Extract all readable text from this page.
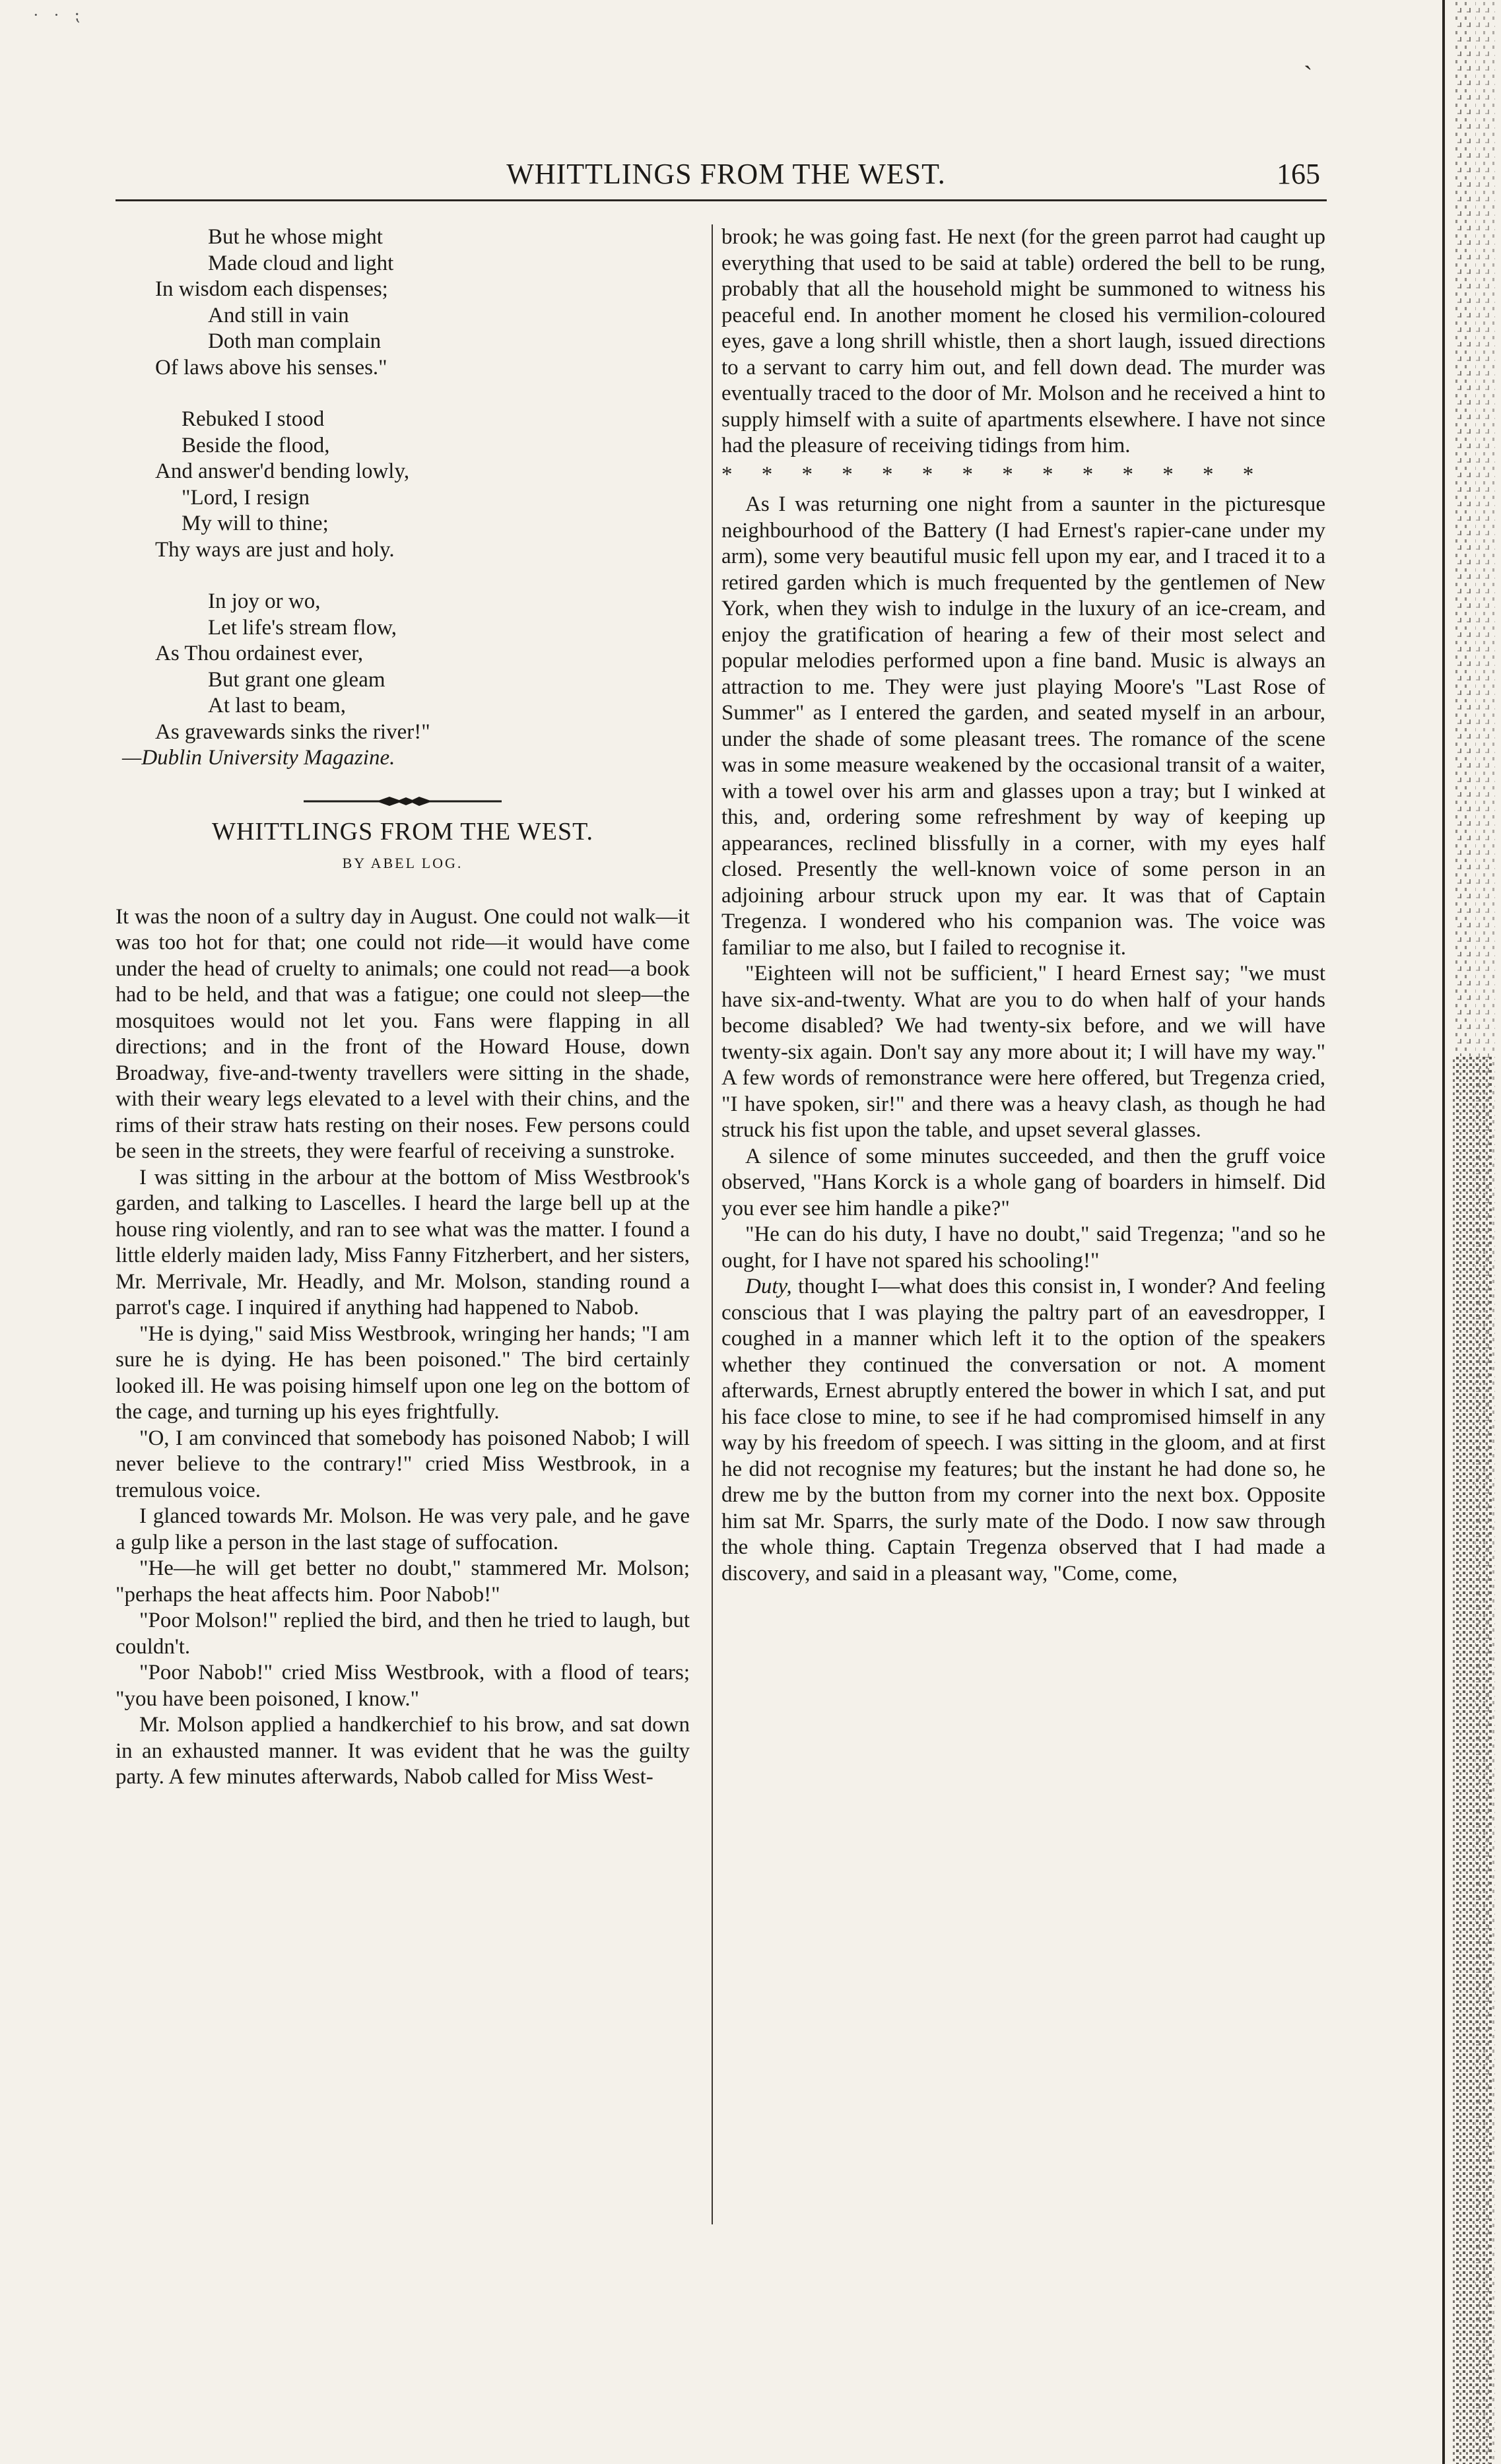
· · ⁏
ˎ
WHITTLINGS FROM THE WEST.	165
But he whose might
Made cloud and light
In wisdom each dispenses;
And still in vain
Doth man complain
Of laws above his senses."
Rebuked I stood
Beside the flood,
And answer'd bending lowly,
"Lord, I resign
My will to thine;
Thy ways are just and holy.
In joy or wo,
Let life's stream flow,
As Thou ordainest ever,
But grant one gleam
At last to beam,
As gravewards sinks the river!"
—Dublin University Magazine.
WHITTLINGS FROM THE WEST.
BY ABEL LOG.

It was the noon of a sultry day in August. One could not walk—it was too hot for that; one could not ride—it would have come under the head of cruelty to animals; one could not read—a book had to be held, and that was a fatigue; one could not sleep—the mosquitoes would not let you. Fans were flapping in all directions; and in the front of the Howard House, down Broadway, five-and-twenty travellers were sitting in the shade, with their weary legs elevated to a level with their chins, and the rims of their straw hats resting on their noses. Few persons could be seen in the streets, they were fearful of receiving a sunstroke.

I was sitting in the arbour at the bottom of Miss Westbrook's garden, and talking to Lascelles. I heard the large bell up at the house ring violently, and ran to see what was the matter. I found a little elderly maiden lady, Miss Fanny Fitzherbert, and her sisters, Mr. Merrivale, Mr. Headly, and Mr. Molson, standing round a parrot's cage. I inquired if anything had happened to Nabob.

"He is dying," said Miss Westbrook, wringing her hands; "I am sure he is dying. He has been poisoned." The bird certainly looked ill. He was poising himself upon one leg on the bottom of the cage, and turning up his eyes frightfully.

"O, I am convinced that somebody has poisoned Nabob; I will never believe to the contrary!" cried Miss Westbrook, in a tremulous voice.

I glanced towards Mr. Molson. He was very pale, and he gave a gulp like a person in the last stage of suffocation.

"He—he will get better no doubt," stammered Mr. Molson; "perhaps the heat affects him. Poor Nabob!"

"Poor Molson!" replied the bird, and then he tried to laugh, but couldn't.

"Poor Nabob!" cried Miss Westbrook, with a flood of tears; "you have been poisoned, I know."

Mr. Molson applied a handkerchief to his brow, and sat down in an exhausted manner. It was evident that he was the guilty party. A few minutes afterwards, Nabob called for Miss West-

brook; he was going fast. He next (for the green parrot had caught up everything that used to be said at table) ordered the bell to be rung, probably that all the household might be summoned to witness his peaceful end. In another moment he closed his vermilion-coloured eyes, gave a long shrill whistle, then a short laugh, issued directions to a servant to carry him out, and fell down dead. The murder was eventually traced to the door of Mr. Molson and he received a hint to supply himself with a suite of apartments elsewhere. I have not since had the pleasure of receiving tidings from him.

* * * * * * * * * * * * * *

As I was returning one night from a saunter in the picturesque neighbourhood of the Battery (I had Ernest's rapier-cane under my arm), some very beautiful music fell upon my ear, and I traced it to a retired garden which is much frequented by the gentlemen of New York, when they wish to indulge in the luxury of an ice-cream, and enjoy the gratification of hearing a few of their most select and popular melodies performed upon a fine band. Music is always an attraction to me. They were just playing Moore's "Last Rose of Summer" as I entered the garden, and seated myself in an arbour, under the shade of some pleasant trees. The romance of the scene was in some measure weakened by the occasional transit of a waiter, with a towel over his arm and glasses upon a tray; but I winked at this, and, ordering some refreshment by way of keeping up appearances, reclined blissfully in a corner, with my eyes half closed. Presently the well-known voice of some person in an adjoining arbour struck upon my ear. It was that of Captain Tregenza. I wondered who his companion was. The voice was familiar to me also, but I failed to recognise it.

"Eighteen will not be sufficient," I heard Ernest say; "we must have six-and-twenty. What are you to do when half of your hands become disabled? We had twenty-six before, and we will have twenty-six again. Don't say any more about it; I will have my way." A few words of remonstrance were here offered, but Tregenza cried, "I have spoken, sir!" and there was a heavy clash, as though he had struck his fist upon the table, and upset several glasses.

A silence of some minutes succeeded, and then the gruff voice observed, "Hans Korck is a whole gang of boarders in himself. Did you ever see him handle a pike?"

"He can do his duty, I have no doubt," said Tregenza; "and so he ought, for I have not spared his schooling!"

Duty, thought I—what does this consist in, I wonder? And feeling conscious that I was playing the paltry part of an eavesdropper, I coughed in a manner which left it to the option of the speakers whether they continued the conversation or not. A moment afterwards, Ernest abruptly entered the bower in which I sat, and put his face close to mine, to see if he had compromised himself in any way by his freedom of speech. I was sitting in the gloom, and at first he did not recognise my features; but the instant he had done so, he drew me by the button from my corner into the next box. Opposite him sat Mr. Sparrs, the surly mate of the Dodo. I now saw through the whole thing. Captain Tregenza observed that I had made a discovery, and said in a pleasant way, "Come, come,
